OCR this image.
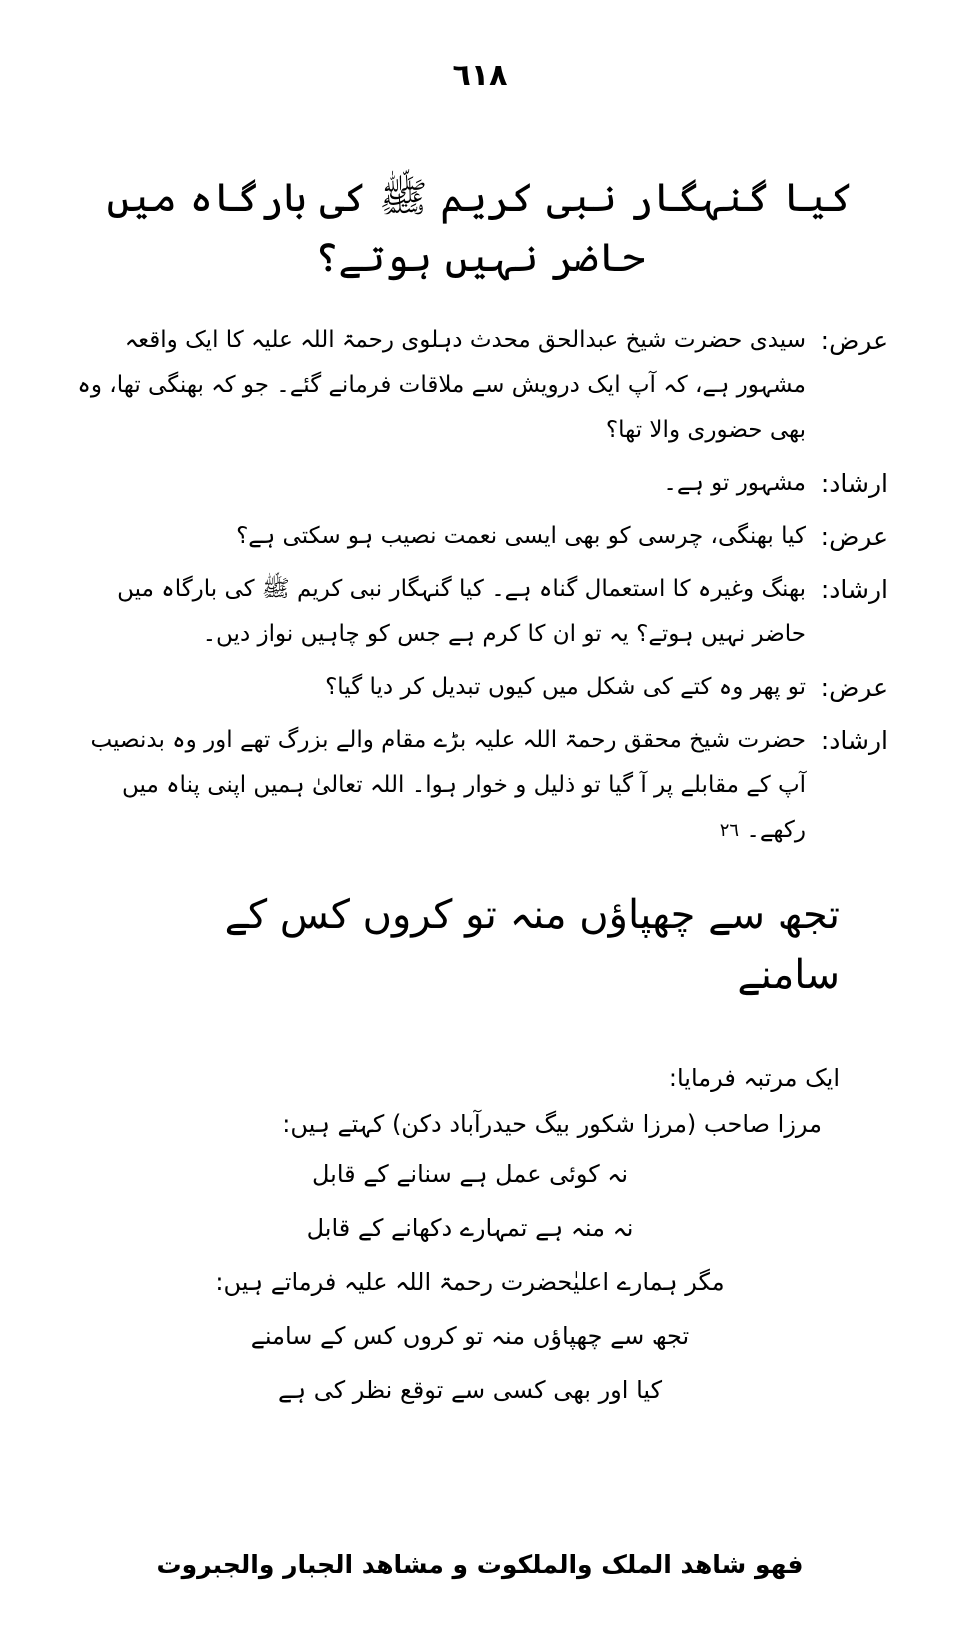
٦١٨
کیا گنہگار نبی کریم ﷺ کی بارگاہ میں حاضر نہیں ہوتے؟
عرض:
سیدی حضرت شیخ عبدالحق محدث دہلوی رحمۃ اللہ علیہ کا ایک واقعہ مشہور ہے، کہ آپ ایک درویش سے ملاقات فرمانے گئے۔ جو کہ بھنگی تھا، وہ بھی حضوری والا تھا؟
ارشاد:
مشہور تو ہے۔
عرض:
کیا بھنگی، چرسی کو بھی ایسی نعمت نصیب ہو سکتی ہے؟
ارشاد:
بھنگ وغیرہ کا استعمال گناہ ہے۔ کیا گنہگار نبی کریم ﷺ کی بارگاہ میں حاضر نہیں ہوتے؟ یہ تو ان کا کرم ہے جس کو چاہیں نواز دیں۔
عرض:
تو پھر وہ کتے کی شکل میں کیوں تبدیل کر دیا گیا؟
ارشاد:
حضرت شیخ محقق رحمۃ اللہ علیہ بڑے مقام والے بزرگ تھے اور وہ بدنصیب آپ کے مقابلے پر آ گیا تو ذلیل و خوار ہوا۔ اللہ تعالیٰ ہمیں اپنی پناہ میں رکھے۔ $^{٢٦}$
تجھ سے چھپاؤں منہ تو کروں کس کے سامنے
ایک مرتبہ فرمایا:
مرزا صاحب (مرزا شکور بیگ حیدرآباد دکن) کہتے ہیں:
نہ کوئی عمل ہے سنانے کے قابل
نہ منہ ہے تمہارے دکھانے کے قابل
مگر ہمارے اعلیٰحضرت رحمۃ اللہ علیہ فرماتے ہیں:
تجھ سے چھپاؤں منہ تو کروں کس کے سامنے
کیا اور بھی کسی سے توقع نظر کی ہے
فھو شاھد الملک والملکوت و مشاھد الجبار والجبروت
